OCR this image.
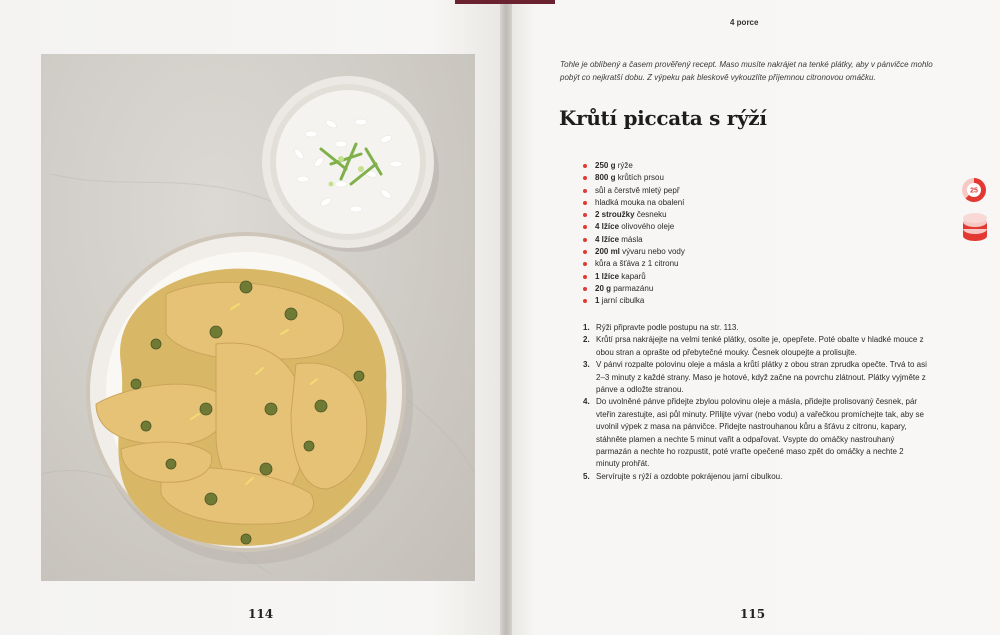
114
4 porce
Tohle je oblíbený a časem prověřený recept. Maso musíte nakrájet na tenké plátky, aby v pánvičce mohlo pobýt co nejkratší dobu. Z výpeku pak bleskově vykouzlíte příjemnou citronovou omáčku.
Krůtí piccata s rýží
250 g rýže
800 g krůtích prsou
sůl a čerstvě mletý pepř
hladká mouka na obalení
2 stroužky česneku
4 lžíce olivového oleje
4 lžíce másla
200 ml vývaru nebo vody
kůra a šťáva z 1 citronu
1 lžíce kaparů
20 g parmazánu
1 jarní cibulka
1. Rýži připravte podle postupu na str. 113.
2. Krůtí prsa nakrájejte na velmi tenké plátky, osolte je, opepřete. Poté obalte v hladké mouce z obou stran a oprašte od přebytečné mouky. Česnek oloupejte a prolisujte.
3. V pánvi rozpalte polovinu oleje a másla a krůtí plátky z obou stran zprudka opečte. Trvá to asi 2–3 minuty z každé strany. Maso je hotové, když začne na povrchu zlátnout. Plátky vyjměte z pánve a odložte stranou.
4. Do uvolněné pánve přidejte zbylou polovinu oleje a másla, přidejte prolisovaný česnek, pár vteřin zarestujte, asi půl minuty. Přilijte vývar (nebo vodu) a vařečkou promíchejte tak, aby se uvolnil výpek z masa na pánvičce. Přidejte nastrouhanou kůru a šťávu z citronu, kapary, stáhněte plamen a nechte 5 minut vařit a odpařovat. Vsypte do omáčky nastrouhaný parmazán a nechte ho rozpustit, poté vraťte opečené maso zpět do omáčky a nechte 2 minuty prohřát.
5. Servírujte s rýží a ozdobte pokrájenou jarní cibulkou.
25
115
